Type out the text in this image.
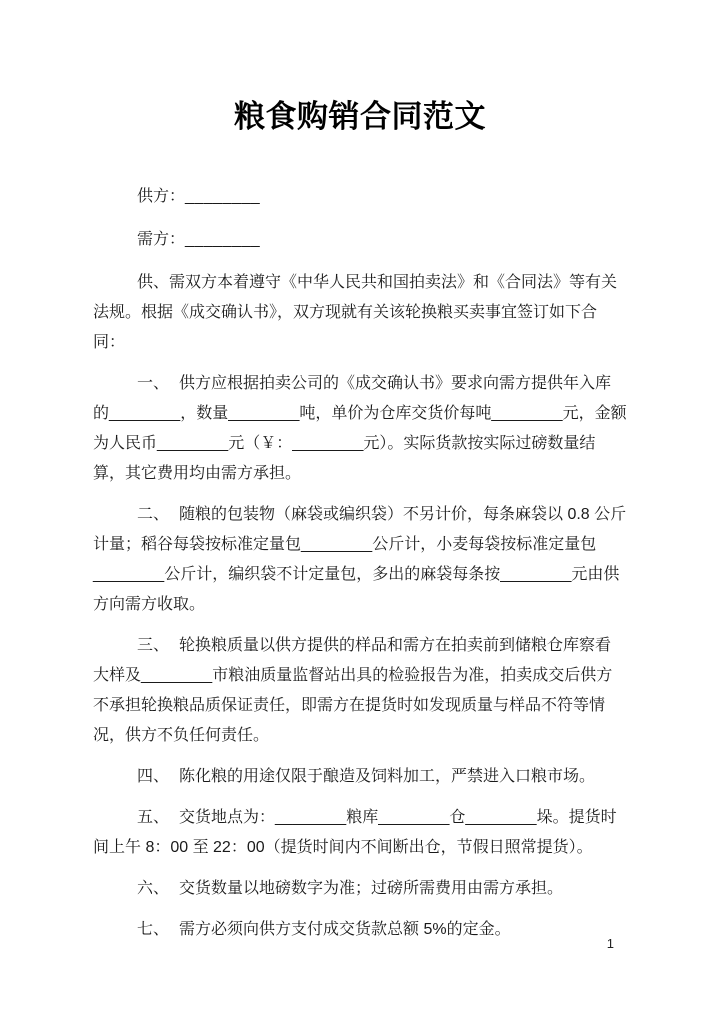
粮食购销合同范文

供方：________

需方：________

供、需双方本着遵守《中华人民共和国拍卖法》和《合同法》等有关法规。根据《成交确认书》，双方现就有关该轮换粮买卖事宜签订如下合同：

一、 供方应根据拍卖公司的《成交确认书》要求向需方提供年入库的________，数量________吨，单价为仓库交货价每吨________元，金额为人民币________元（￥：________元）。实际货款按实际过磅数量结算，其它费用均由需方承担。

二、 随粮的包装物（麻袋或编织袋）不另计价，每条麻袋以 0.8 公斤计量；稻谷每袋按标准定量包________公斤计，小麦每袋按标准定量包________公斤计，编织袋不计定量包，多出的麻袋每条按________元由供方向需方收取。

三、 轮换粮质量以供方提供的样品和需方在拍卖前到储粮仓库察看大样及________市粮油质量监督站出具的检验报告为准，拍卖成交后供方不承担轮换粮品质保证责任，即需方在提货时如发现质量与样品不符等情况，供方不负任何责任。

四、 陈化粮的用途仅限于酿造及饲料加工，严禁进入口粮市场。

五、 交货地点为：________粮库________仓________垛。提货时间上午 8：00 至 22：00（提货时间内不间断出仓，节假日照常提货）。

六、 交货数量以地磅数字为准；过磅所需费用由需方承担。

七、 需方必须向供方支付成交货款总额 5%的定金。

1
